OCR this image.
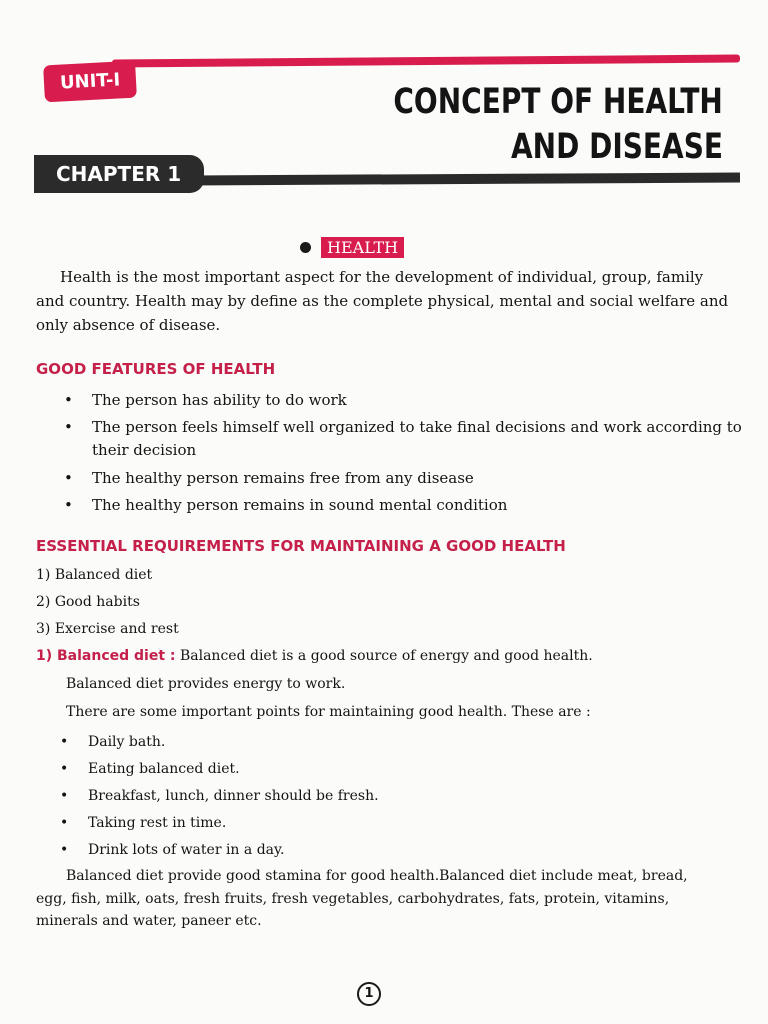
UNIT-I
CONCEPT OF HEALTH
AND DISEASE
CHAPTER 1
HEALTH
Health is the most important aspect for the development of individual, group, family
and country. Health may by define as the complete physical, mental and social welfare and
only absence of disease.
GOOD FEATURES OF HEALTH
• The person has ability to do work
• The person feels himself well organized to take final decisions and work according to
their decision
• The healthy person remains free from any disease
• The healthy person remains in sound mental condition
ESSENTIAL REQUIREMENTS FOR MAINTAINING A GOOD HEALTH
1) Balanced diet
2) Good habits
3) Exercise and rest
1) Balanced diet : Balanced diet is a good source of energy and good health.
Balanced diet provides energy to work.
There are some important points for maintaining good health. These are :
• Daily bath.
• Eating balanced diet.
• Breakfast, lunch, dinner should be fresh.
• Taking rest in time.
• Drink lots of water in a day.
Balanced diet provide good stamina for good health.Balanced diet include meat, bread,
egg, fish, milk, oats, fresh fruits, fresh vegetables, carbohydrates, fats, protein, vitamins,
minerals and water, paneer etc.
1
